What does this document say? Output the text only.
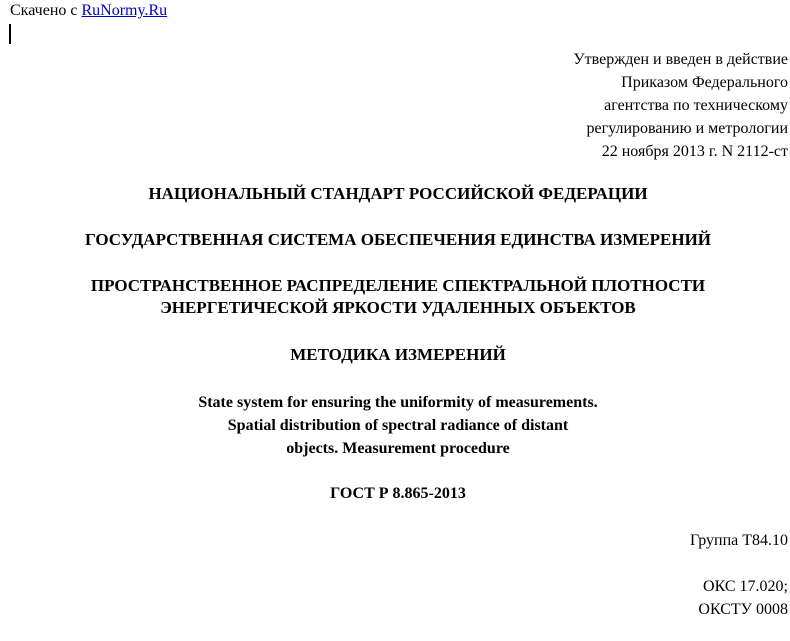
Скачено с RuNormy.Ru
Утвержден и введен в действие
Приказом Федерального
агентства по техническому
регулированию и метрологии
22 ноября 2013 г. N 2112-ст
НАЦИОНАЛЬНЫЙ СТАНДАРТ РОССИЙСКОЙ ФЕДЕРАЦИИ
ГОСУДАРСТВЕННАЯ СИСТЕМА ОБЕСПЕЧЕНИЯ ЕДИНСТВА ИЗМЕРЕНИЙ
ПРОСТРАНСТВЕННОЕ РАСПРЕДЕЛЕНИЕ СПЕКТРАЛЬНОЙ ПЛОТНОСТИ
ЭНЕРГЕТИЧЕСКОЙ ЯРКОСТИ УДАЛЕННЫХ ОБЪЕКТОВ
МЕТОДИКА ИЗМЕРЕНИЙ
State system for ensuring the uniformity of measurements.
Spatial distribution of spectral radiance of distant
objects. Measurement procedure
ГОСТ Р 8.865-2013
Группа Т84.10
ОКС 17.020;
ОКСТУ 0008
